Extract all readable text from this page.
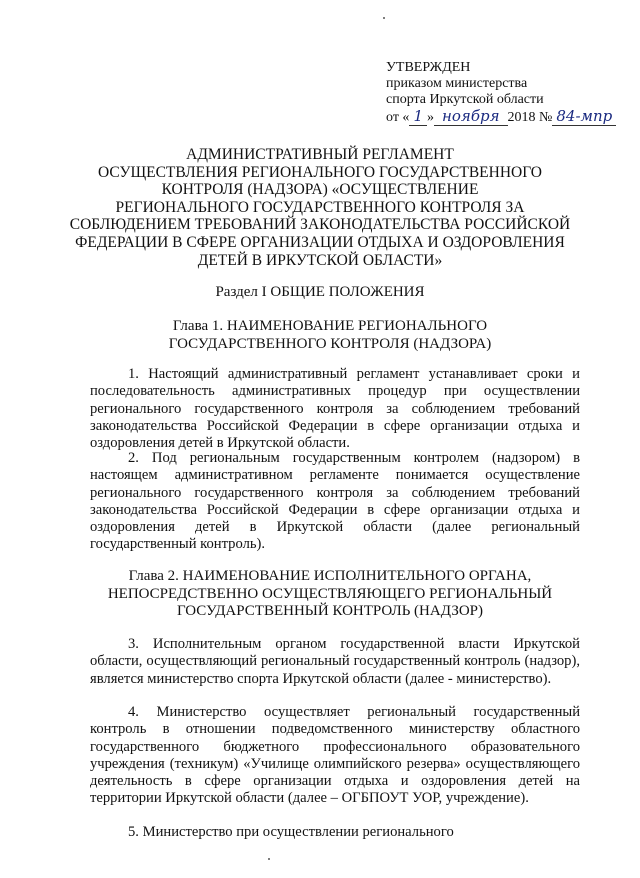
УТВЕРЖДЕН
приказом министерства
спорта Иркутской области
от « 1 » ноября 2018 № 84-мпр
АДМИНИСТРАТИВНЫЙ РЕГЛАМЕНТ
ОСУЩЕСТВЛЕНИЯ РЕГИОНАЛЬНОГО ГОСУДАРСТВЕННОГО
КОНТРОЛЯ (НАДЗОРА) «ОСУЩЕСТВЛЕНИЕ
РЕГИОНАЛЬНОГО ГОСУДАРСТВЕННОГО КОНТРОЛЯ ЗА
СОБЛЮДЕНИЕМ ТРЕБОВАНИЙ ЗАКОНОДАТЕЛЬСТВА РОССИЙСКОЙ
ФЕДЕРАЦИИ В СФЕРЕ ОРГАНИЗАЦИИ ОТДЫХА И ОЗДОРОВЛЕНИЯ
ДЕТЕЙ В ИРКУТСКОЙ ОБЛАСТИ»
Раздел I ОБЩИЕ ПОЛОЖЕНИЯ
Глава 1. НАИМЕНОВАНИЕ РЕГИОНАЛЬНОГО
ГОСУДАРСТВЕННОГО КОНТРОЛЯ (НАДЗОРА)
1. Настоящий административный регламент устанавливает сроки и последовательность административных процедур при осуществлении регионального государственного контроля за соблюдением требований законодательства Российской Федерации в сфере организации отдыха и оздоровления детей в Иркутской области.
2. Под региональным государственным контролем (надзором) в настоящем административном регламенте понимается осуществление регионального государственного контроля за соблюдением требований законодательства Российской Федерации в сфере организации отдыха и оздоровления детей в Иркутской области (далее региональный государственный контроль).
Глава 2. НАИМЕНОВАНИЕ ИСПОЛНИТЕЛЬНОГО ОРГАНА,
НЕПОСРЕДСТВЕННО ОСУЩЕСТВЛЯЮЩЕГО РЕГИОНАЛЬНЫЙ
ГОСУДАРСТВЕННЫЙ КОНТРОЛЬ (НАДЗОР)
3. Исполнительным органом государственной власти Иркутской области, осуществляющий региональный государственный контроль (надзор), является министерство спорта Иркутской области (далее - министерство).
4. Министерство осуществляет региональный государственный контроль в отношении подведомственного министерству областного государственного бюджетного профессионального образовательного учреждения (техникум) «Училище олимпийского резерва» осуществляющего деятельность в сфере организации отдыха и оздоровления детей на территории Иркутской области (далее – ОГБПОУТ УОР, учреждение).
5. Министерство при осуществлении регионального
